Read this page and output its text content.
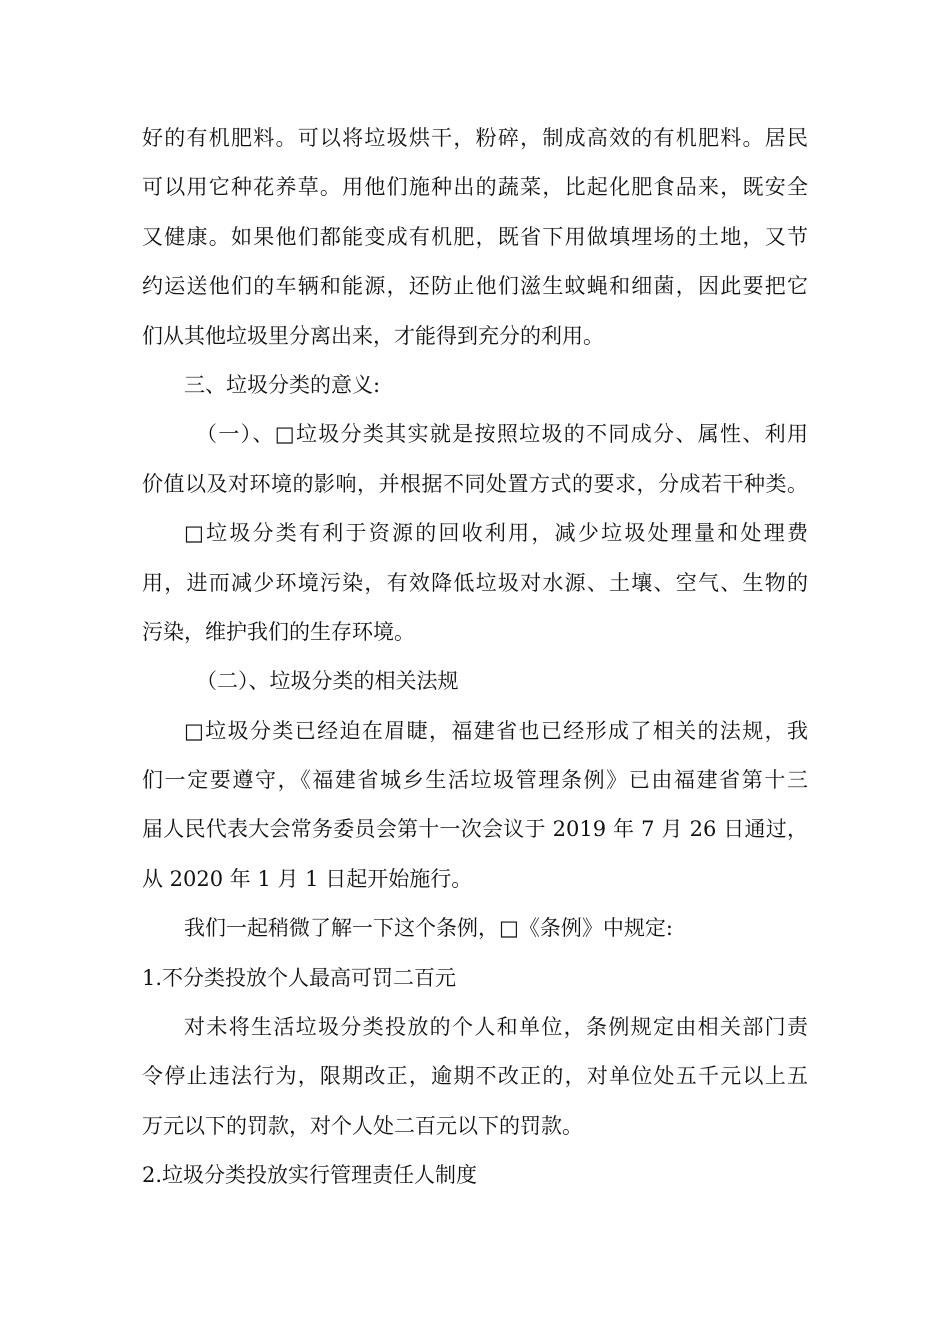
好的有机肥料。可以将垃圾烘干，粉碎，制成高效的有机肥料。居民
可以用它种花养草。用他们施种出的蔬菜，比起化肥食品来，既安全
又健康。如果他们都能变成有机肥，既省下用做填埋场的土地，又节
约运送他们的车辆和能源，还防止他们滋生蚊蝇和细菌，因此要把它
们从其他垃圾里分离出来，才能得到充分的利用。
三、垃圾分类的意义:
（一）、□垃圾分类其实就是按照垃圾的不同成分、属性、利用
价值以及对环境的影响，并根据不同处置方式的要求，分成若干种类。
□垃圾分类有利于资源的回收利用，减少垃圾处理量和处理费
用，进而减少环境污染，有效降低垃圾对水源、土壤、空气、生物的
污染，维护我们的生存环境。
（二）、垃圾分类的相关法规
□垃圾分类已经迫在眉睫，福建省也已经形成了相关的法规，我
们一定要遵守，《福建省城乡生活垃圾管理条例》已由福建省第十三
届人民代表大会常务委员会第十一次会议于 2019 年 7 月 26 日通过，
从 2020 年 1 月 1 日起开始施行。
我们一起稍微了解一下这个条例，□《条例》中规定:
1.不分类投放个人最高可罚二百元
对未将生活垃圾分类投放的个人和单位，条例规定由相关部门责
令停止违法行为，限期改正，逾期不改正的，对单位处五千元以上五
万元以下的罚款，对个人处二百元以下的罚款。
2.垃圾分类投放实行管理责任人制度
